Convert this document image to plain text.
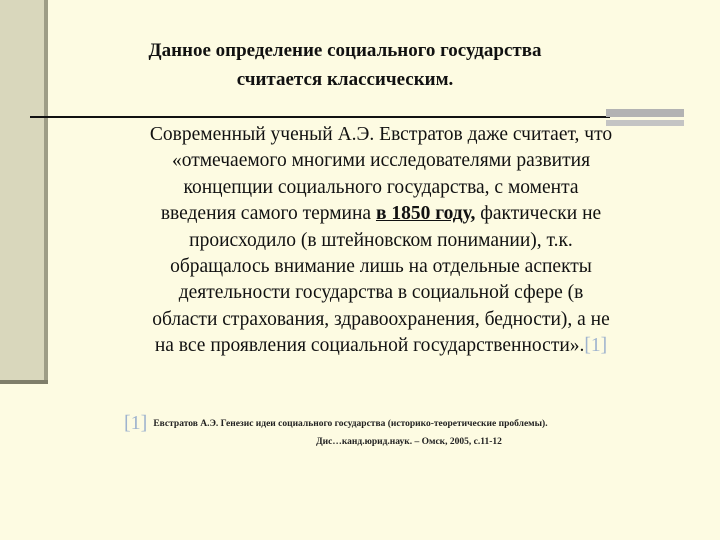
Данное определение социального государства
считается классическим.
Современный ученый А.Э. Евстратов даже считает, что
«отмечаемого многими исследователями развития
концепции социального государства, с момента
введения самого термина в 1850 году, фактически не
происходило (в штейновском понимании), т.к.
обращалось внимание лишь на отдельные аспекты
деятельности государства в социальной сфере (в
области страхования, здравоохранения, бедности), а не
на все проявления социальной государственности».[1]
[1] Евстратов А.Э. Генезис идеи социального государства (историко-теоретические проблемы).
Дис…канд.юрид.наук. – Омск, 2005, с.11-12
